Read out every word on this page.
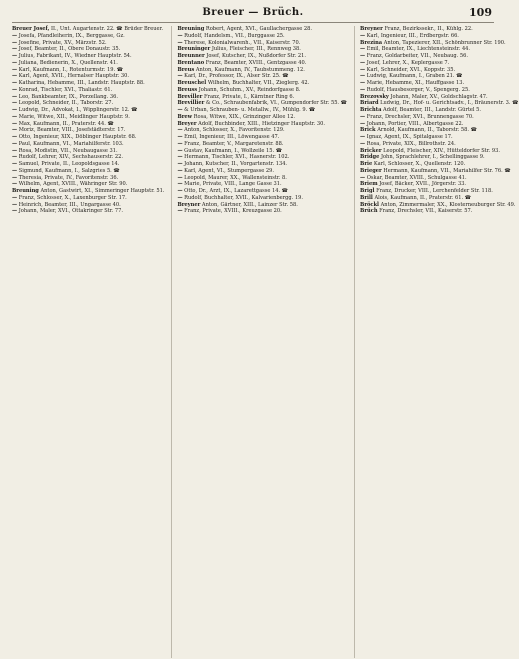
Breuer — Brüch.	109

Breuer Josef, II., Unt. Augartenstr. 22. ☎ Brüder Breuer.

— Josefa, Pfandleiherin, IX., Berggasse, Gz.

— Josefine, Private, XV., Märzstr. 52.

— Josef, Beamter, II., Obere Donaustr. 35.

— Julius, Fabrikant, IV., Wiedner Hauptstr. 54.

— Juliana, Bedienerin, X., Quellenstr. 41.

— Karl, Kaufmann, I., Rotenturmstr. 19. ☎

— Karl, Agent, XVII., Hernalser Hauptstr. 30.

— Katharina, Hebamme, III., Landstr. Hauptstr. 88.

— Konrad, Tischler, XVI., Thaliastr. 61.

— Leo, Bankbeamter, IX., Porzellang. 36.

— Leopold, Schneider, II., Taborstr. 27.

— Ludwig, Dr., Advokat, I., Wipplingerstr. 12. ☎

— Marie, Witwe, XII., Meidlinger Hauptstr. 9.

— Max, Kaufmann, II., Praterstr. 44. ☎

— Moriz, Beamter, VIII., Josefstädterstr. 17.

— Otto, Ingenieur, XIX., Döblinger Hauptstr. 68.

— Paul, Kaufmann, VI., Mariahilferstr. 103.

— Rosa, Modistin, VII., Neubaugasse 31.

— Rudolf, Lehrer, XIV., Sechshauserstr. 22.

— Samuel, Private, II., Leopoldsgasse 14.

— Sigmund, Kaufmann, I., Salzgries 5. ☎

— Theresia, Private, IV., Favoritenstr. 36.

— Wilhelm, Agent, XVIII., Währinger Str. 90.

Breuning Anton, Gastwirt, XI., Simmeringer Hauptstr. 51.

— Franz, Schlosser, X., Laxenburger Str. 17.

— Heinrich, Beamter, III., Ungargasse 40.

— Johann, Maler, XVI., Ottakringer Str. 77.

Breuning Robert, Agent, XVI., Gaullachergasse 28.

— Rudolf, Handelsm., VII., Burggasse 25.

— Therese, Kolonialwarenh., VII., Kaiserstr. 70.

Breuninger Julius, Fleischer, III., Rennweg 38.

Breunner Josef, Kutscher, IX., Nußdorfer Str. 21.

Brentano Franz, Beamter, XVIII., Gentzgasse 40.

Breus Anton, Kaufmann, IV., Taubstummeng. 12.

— Karl, Dr., Professor, IX., Alser Str. 25. ☎

Breuschel Wilhelm, Buchhalter, VII., Zieglerg. 42.

Breuss Johann, Schuhm., XV., Reindorfgasse 8.

Breviller Franz, Private, I., Kärntner Ring 6.

Brevillier & Co., Schraubenfabrik, VI., Gumpendorfer Str. 55. ☎

— & Urban, Schrauben- u. Metallw., IV., Mühlg. 9. ☎

Brew Rosa, Witwe, XIX., Grinzinger Allee 12.

Breyer Adolf, Buchbinder, XIII., Hietzinger Hauptstr. 30.

— Anton, Schlosser, X., Favoritenstr. 129.

— Emil, Ingenieur, III., Löwengasse 47.

— Franz, Beamter, V., Margaretenstr. 88.

— Gustav, Kaufmann, I., Wollzeile 15. ☎

— Hermann, Tischler, XVI., Hasnerstr. 102.

— Johann, Kutscher, II., Vorgartenstr. 134.

— Karl, Agent, VI., Stumpergasse 29.

— Leopold, Maurer, XX., Wallensteinstr. 8.

— Marie, Private, VIII., Lange Gasse 31.

— Otto, Dr., Arzt, IX., Lazarettgasse 14. ☎

— Rudolf, Buchhalter, XVII., Kalvarienbergg. 19.

Breyner Anton, Gärtner, XIII., Lainzer Str. 58.

— Franz, Private, XVIII., Kreuzgasse 20.

Breyner Franz, Bezirkssekr., II., Kühlg. 22.

— Karl, Ingenieur, III., Erdbergstr. 66.

Brezina Anton, Tapezierer, XII., Schönbrunner Str. 190.

— Emil, Beamter, IX., Liechtensteinstr. 44.

— Franz, Goldarbeiter, VII., Neubaug. 56.

— Josef, Lehrer, X., Keplergasse 7.

— Karl, Schneider, XVI., Koppstr. 35.

— Ludwig, Kaufmann, I., Graben 21. ☎

— Marie, Hebamme, XI., Hauffgasse 13.

— Rudolf, Hausbesorger, V., Spengerg. 25.

Brezovsky Johann, Maler, XV., Goldschlagstr. 47.

Briard Ludwig, Dr., Hof- u. Gerichtsadv., I., Bräunerstr. 3. ☎

Brichta Adolf, Beamter, III., Landstr. Gürtel 5.

— Franz, Drechsler, XVI., Brunnengasse 70.

— Johann, Portier, VIII., Albertgasse 22.

Brick Arnold, Kaufmann, II., Taborstr. 58. ☎

— Ignaz, Agent, IX., Spitalgasse 17.

— Rosa, Private, XIX., Billrothstr. 24.

Bricker Leopold, Fleischer, XIV., Hütteldorfer Str. 93.

Bridge John, Sprachlehrer, I., Schellinggasse 9.

Brie Karl, Schlosser, X., Quellenstr. 120.

Brieger Hermann, Kaufmann, VII., Mariahilfer Str. 76. ☎

— Oskar, Beamter, XVIII., Schulgasse 41.

Briem Josef, Bäcker, XVII., Jörgerstr. 33.

Brigl Franz, Drucker, VIII., Lerchenfelder Str. 118.

Brill Alois, Kaufmann, II., Praterstr. 61. ☎

Bröckl Anton, Zimmermaler, XX., Klosterneuburger Str. 49.

Brüch Franz, Drechsler, VII., Kaiserstr. 57.
